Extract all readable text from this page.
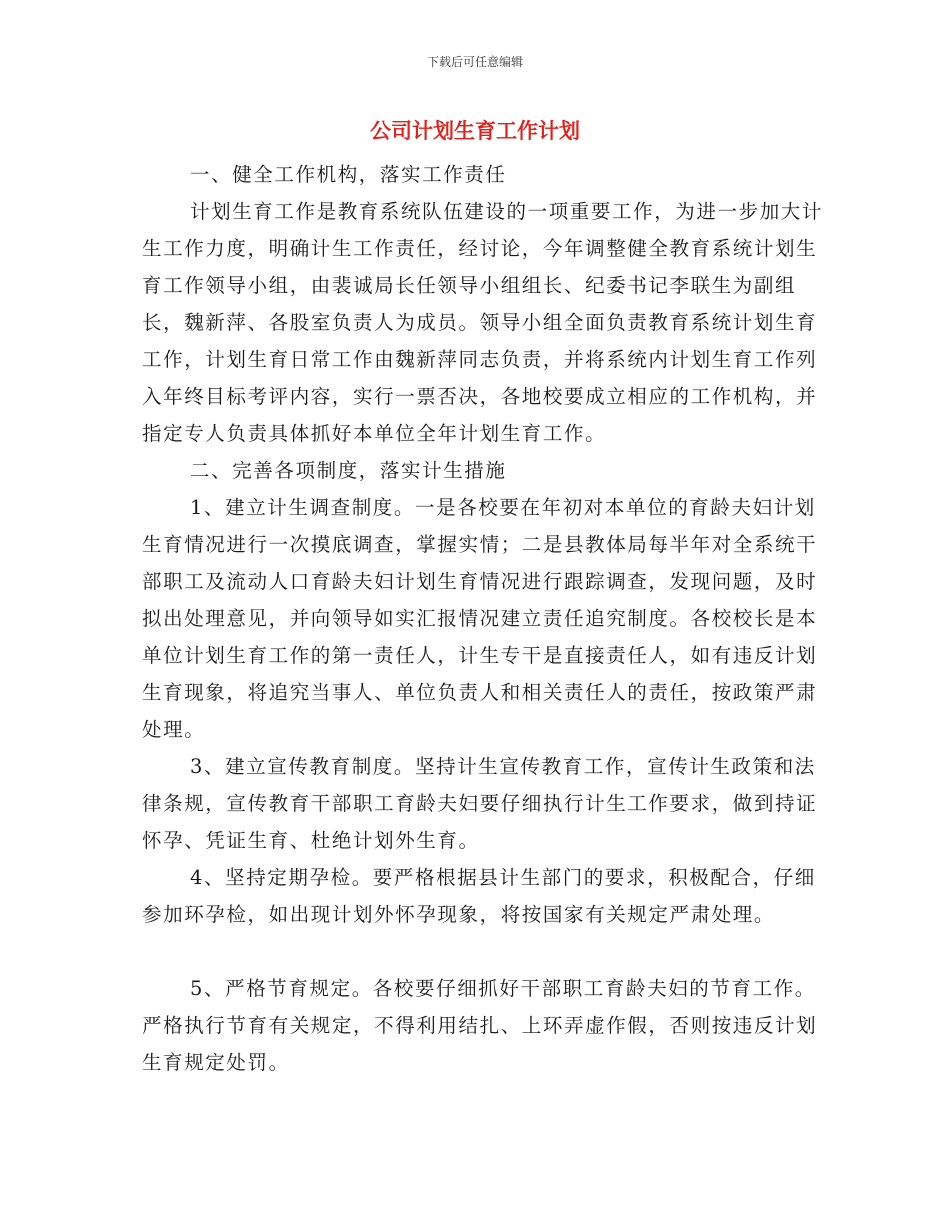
下载后可任意编辑
公司计划生育工作计划

一、健全工作机构，落实工作责任

计划生育工作是教育系统队伍建设的一项重要工作，为进一步加大计生工作力度，明确计生工作责任，经讨论，今年调整健全教育系统计划生育工作领导小组，由裴诚局长任领导小组组长、纪委书记李联生为副组长，魏新萍、各股室负责人为成员。领导小组全面负责教育系统计划生育工作，计划生育日常工作由魏新萍同志负责，并将系统内计划生育工作列入年终目标考评内容，实行一票否决，各地校要成立相应的工作机构，并指定专人负责具体抓好本单位全年计划生育工作。

二、完善各项制度，落实计生措施

1、建立计生调查制度。一是各校要在年初对本单位的育龄夫妇计划生育情况进行一次摸底调查，掌握实情；二是县教体局每半年对全系统干部职工及流动人口育龄夫妇计划生育情况进行跟踪调查，发现问题，及时拟出处理意见，并向领导如实汇报情况建立责任追究制度。各校校长是本单位计划生育工作的第一责任人，计生专干是直接责任人，如有违反计划生育现象，将追究当事人、单位负责人和相关责任人的责任，按政策严肃处理。

3、建立宣传教育制度。坚持计生宣传教育工作，宣传计生政策和法律条规，宣传教育干部职工育龄夫妇要仔细执行计生工作要求，做到持证怀孕、凭证生育、杜绝计划外生育。

4、坚持定期孕检。要严格根据县计生部门的要求，积极配合，仔细参加环孕检，如出现计划外怀孕现象，将按国家有关规定严肃处理。

5、严格节育规定。各校要仔细抓好干部职工育龄夫妇的节育工作。严格执行节育有关规定，不得利用结扎、上环弄虚作假，否则按违反计划生育规定处罚。
